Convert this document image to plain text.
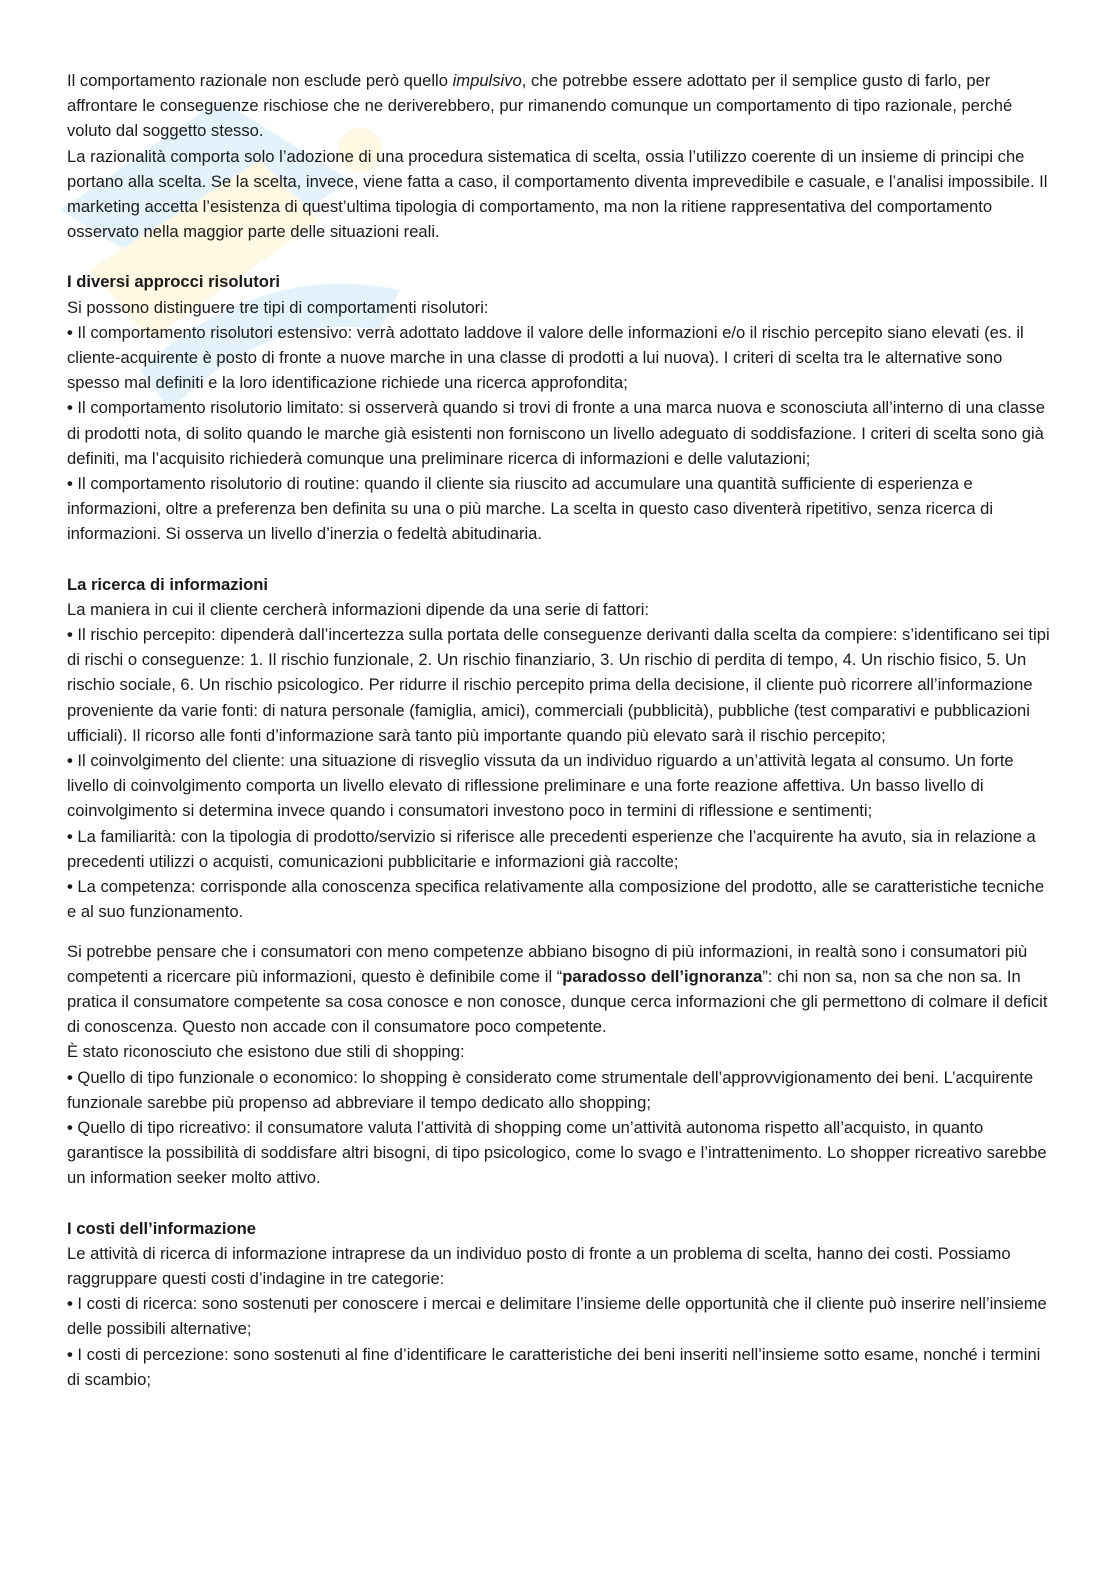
Il comportamento razionale non esclude però quello impulsivo, che potrebbe essere adottato per il semplice gusto di farlo, per affrontare le conseguenze rischiose che ne deriverebbero, pur rimanendo comunque un comportamento di tipo razionale, perché voluto dal soggetto stesso.

La razionalità comporta solo l’adozione di una procedura sistematica di scelta, ossia l’utilizzo coerente di un insieme di principi che portano alla scelta. Se la scelta, invece, viene fatta a caso, il comportamento diventa imprevedibile e casuale, e l’analisi impossibile. Il marketing accetta l’esistenza di quest’ultima tipologia di comportamento, ma non la ritiene rappresentativa del comportamento osservato nella maggior parte delle situazioni reali.

I diversi approcci risolutori

Si possono distinguere tre tipi di comportamenti risolutori:

• Il comportamento risolutori estensivo: verrà adottato laddove il valore delle informazioni e/o il rischio percepito siano elevati (es. il cliente-acquirente è posto di fronte a nuove marche in una classe di prodotti a lui nuova). I criteri di scelta tra le alternative sono spesso mal definiti e la loro identificazione richiede una ricerca approfondita;

• Il comportamento risolutorio limitato: si osserverà quando si trovi di fronte a una marca nuova e sconosciuta all’interno di una classe di prodotti nota, di solito quando le marche già esistenti non forniscono un livello adeguato di soddisfazione. I criteri di scelta sono già definiti, ma l’acquisito richiederà comunque una preliminare ricerca di informazioni e delle valutazioni;

• Il comportamento risolutorio di routine: quando il cliente sia riuscito ad accumulare una quantità sufficiente di esperienza e informazioni, oltre a preferenza ben definita su una o più marche. La scelta in questo caso diventerà ripetitivo, senza ricerca di informazioni. Si osserva un livello d’inerzia o fedeltà abitudinaria.

La ricerca di informazioni

La maniera in cui il cliente cercherà informazioni dipende da una serie di fattori:

• Il rischio percepito: dipenderà dall’incertezza sulla portata delle conseguenze derivanti dalla scelta da compiere: s’identificano sei tipi di rischi o conseguenze: 1. Il rischio funzionale, 2. Un rischio finanziario, 3. Un rischio di perdita di tempo, 4. Un rischio fisico, 5. Un rischio sociale, 6. Un rischio psicologico. Per ridurre il rischio percepito prima della decisione, il cliente può ricorrere all’informazione proveniente da varie fonti: di natura personale (famiglia, amici), commerciali (pubblicità), pubbliche (test comparativi e pubblicazioni ufficiali). Il ricorso alle fonti d’informazione sarà tanto più importante quando più elevato sarà il rischio percepito;

• Il coinvolgimento del cliente: una situazione di risveglio vissuta da un individuo riguardo a un’attività legata al consumo. Un forte livello di coinvolgimento comporta un livello elevato di riflessione preliminare e una forte reazione affettiva. Un basso livello di coinvolgimento si determina invece quando i consumatori investono poco in termini di riflessione e sentimenti;

• La familiarità: con la tipologia di prodotto/servizio si riferisce alle precedenti esperienze che l’acquirente ha avuto, sia in relazione a precedenti utilizzi o acquisti, comunicazioni pubblicitarie e informazioni già raccolte;

• La competenza: corrisponde alla conoscenza specifica relativamente alla composizione del prodotto, alle se caratteristiche tecniche e al suo funzionamento.

Si potrebbe pensare che i consumatori con meno competenze abbiano bisogno di più informazioni, in realtà sono i consumatori più competenti a ricercare più informazioni, questo è definibile come il “paradosso dell’ignoranza”: chi non sa, non sa che non sa. In pratica il consumatore competente sa cosa conosce e non conosce, dunque cerca informazioni che gli permettono di colmare il deficit di conoscenza. Questo non accade con il consumatore poco competente.

È stato riconosciuto che esistono due stili di shopping:

• Quello di tipo funzionale o economico: lo shopping è considerato come strumentale dell’approvvigionamento dei beni. L’acquirente funzionale sarebbe più propenso ad abbreviare il tempo dedicato allo shopping;

• Quello di tipo ricreativo: il consumatore valuta l’attività di shopping come un’attività autonoma rispetto all’acquisto, in quanto garantisce la possibilità di soddisfare altri bisogni, di tipo psicologico, come lo svago e l’intrattenimento. Lo shopper ricreativo sarebbe un information seeker molto attivo.

I costi dell’informazione

Le attività di ricerca di informazione intraprese da un individuo posto di fronte a un problema di scelta, hanno dei costi. Possiamo raggruppare questi costi d’indagine in tre categorie:

• I costi di ricerca: sono sostenuti per conoscere i mercai e delimitare l’insieme delle opportunità che il cliente può inserire nell’insieme delle possibili alternative;

• I costi di percezione: sono sostenuti al fine d’identificare le caratteristiche dei beni inseriti nell’insieme sotto esame, nonché i termini di scambio;
